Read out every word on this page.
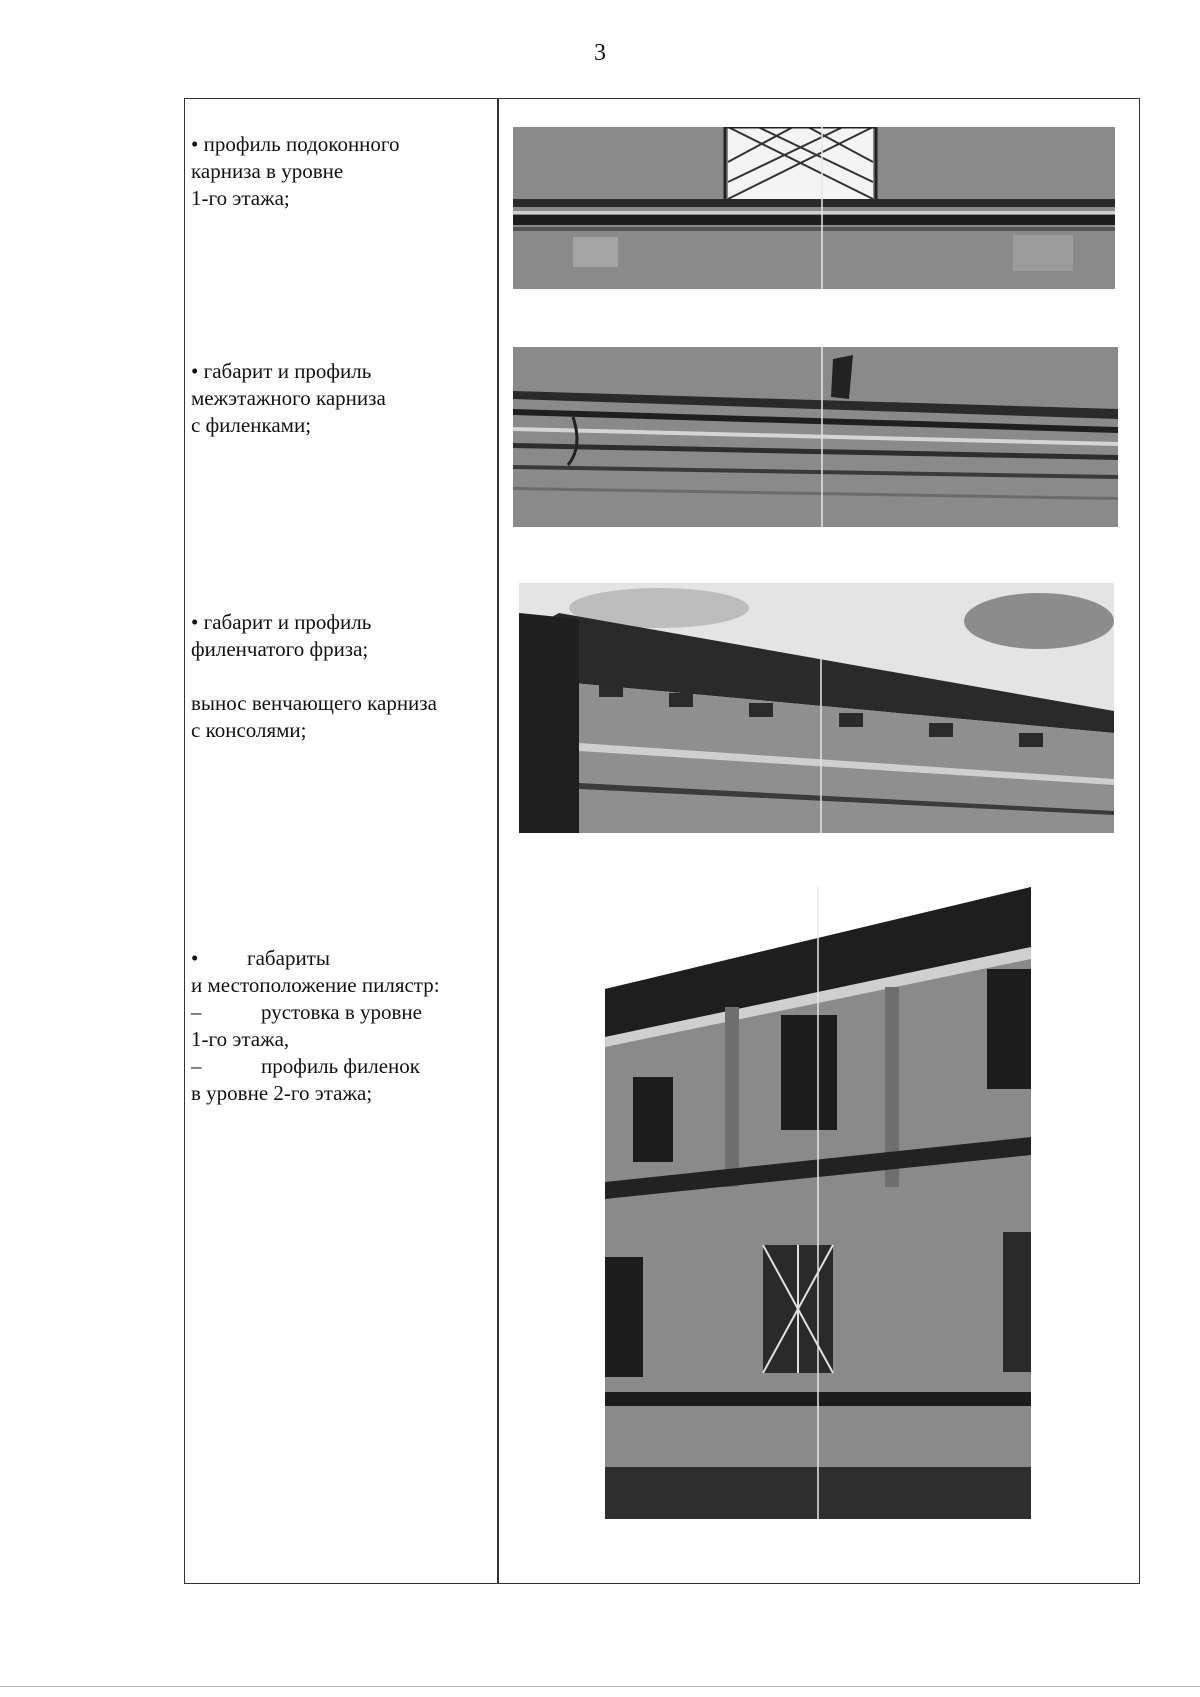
3

• профиль подоконного

карниза в уровне

1-го этажа;

• габарит и профиль

межэтажного карниза

с филенками;

• габарит и профиль

филенчатого фриза;

вынос венчающего карниза

с консолями;

• габариты

и местоположение пилястр:

–	рустовка в уровне

1-го этажа,

–	профиль филенок

в уровне 2-го этажа;
